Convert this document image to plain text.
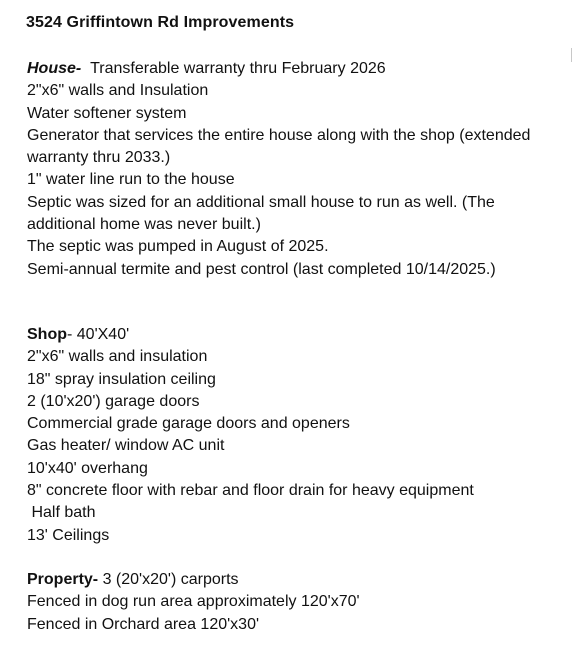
3524 Griffintown Rd Improvements
House- Transferable warranty thru February 2026
2"x6" walls and Insulation
Water softener system
Generator that services the entire house along with the shop (extended
warranty thru 2033.)
1" water line run to the house
Septic was sized for an additional small house to run as well. (The
additional home was never built.)
The septic was pumped in August of 2025.
Semi-annual termite and pest control (last completed 10/14/2025.)
Shop- 40'X40'
2"x6" walls and insulation
18" spray insulation ceiling
2 (10'x20') garage doors
Commercial grade garage doors and openers
Gas heater/ window AC unit
10'x40' overhang
8" concrete floor with rebar and floor drain for heavy equipment
Half bath
13' Ceilings
Property- 3 (20'x20') carports
Fenced in dog run area approximately 120'x70'
Fenced in Orchard area 120'x30'
